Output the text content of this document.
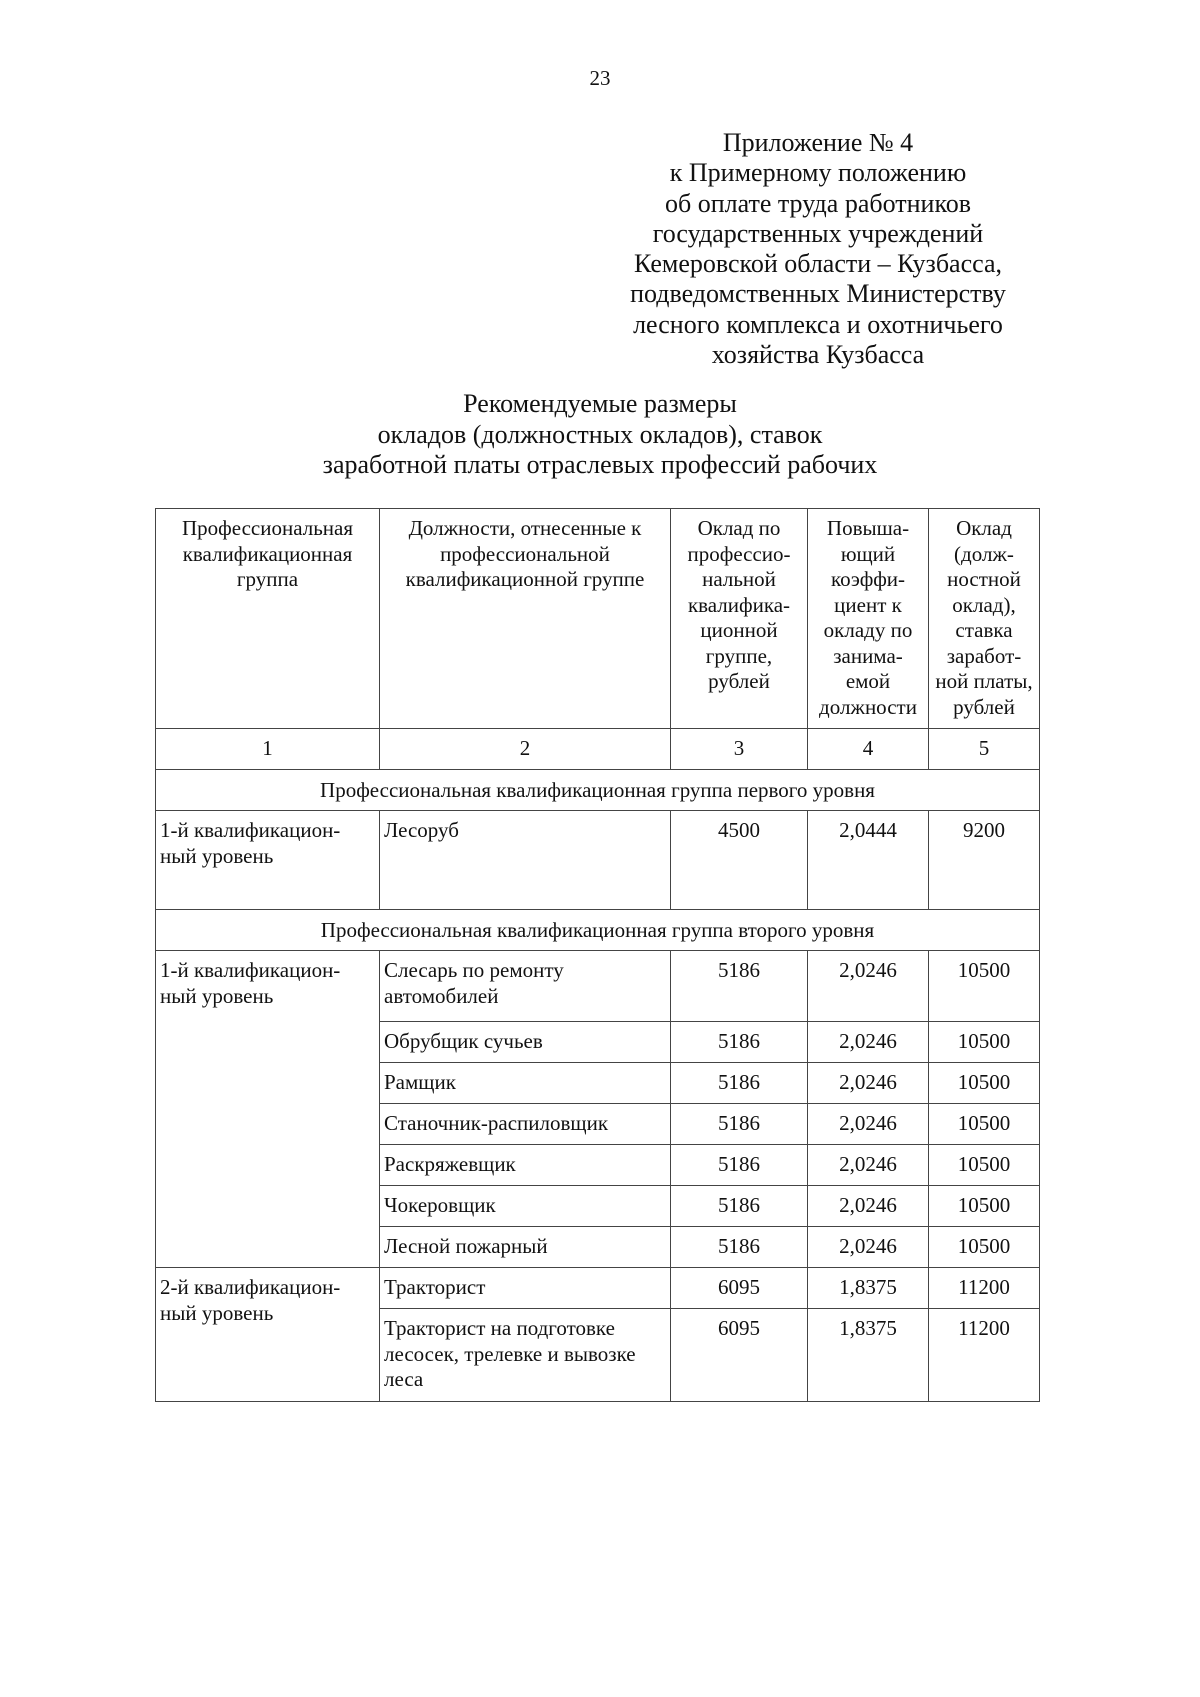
23
Приложение № 4
к Примерному положению
об оплате труда работников
государственных учреждений
Кемеровской области – Кузбасса,
подведомственных Министерству
лесного комплекса и охотничьего
хозяйства Кузбасса
Рекомендуемые размеры
окладов (должностных окладов), ставок
заработной платы отраслевых профессий рабочих
Профессиональная квалификационная группа	Должности, отнесенные к профессиональной квалификационной группе	Оклад по профессио-нальной квалифика-ционной группе, рублей	Повыша-ющий коэффи-циент к окладу по занима-емой должности	Оклад (долж-ностной оклад), ставка заработ-ной платы, рублей
1	2	3	4	5
Профессиональная квалификационная группа первого уровня				
1-й квалификацион-ный уровень	Лесоруб	4500	2,0444	9200
Профессиональная квалификационная группа второго уровня				
1-й квалификацион-ный уровень	Слесарь по ремонту автомобилей	5186	2,0246	10500
	Обрубщик сучьев	5186	2,0246	10500
	Рамщик	5186	2,0246	10500
	Станочник-распиловщик	5186	2,0246	10500
	Раскряжевщик	5186	2,0246	10500
	Чокеровщик	5186	2,0246	10500
	Лесной пожарный	5186	2,0246	10500
2-й квалификацион-ный уровень	Тракторист	6095	1,8375	11200
	Тракторист на подготовке лесосек, трелевке и вывозке леса	6095	1,8375	11200
